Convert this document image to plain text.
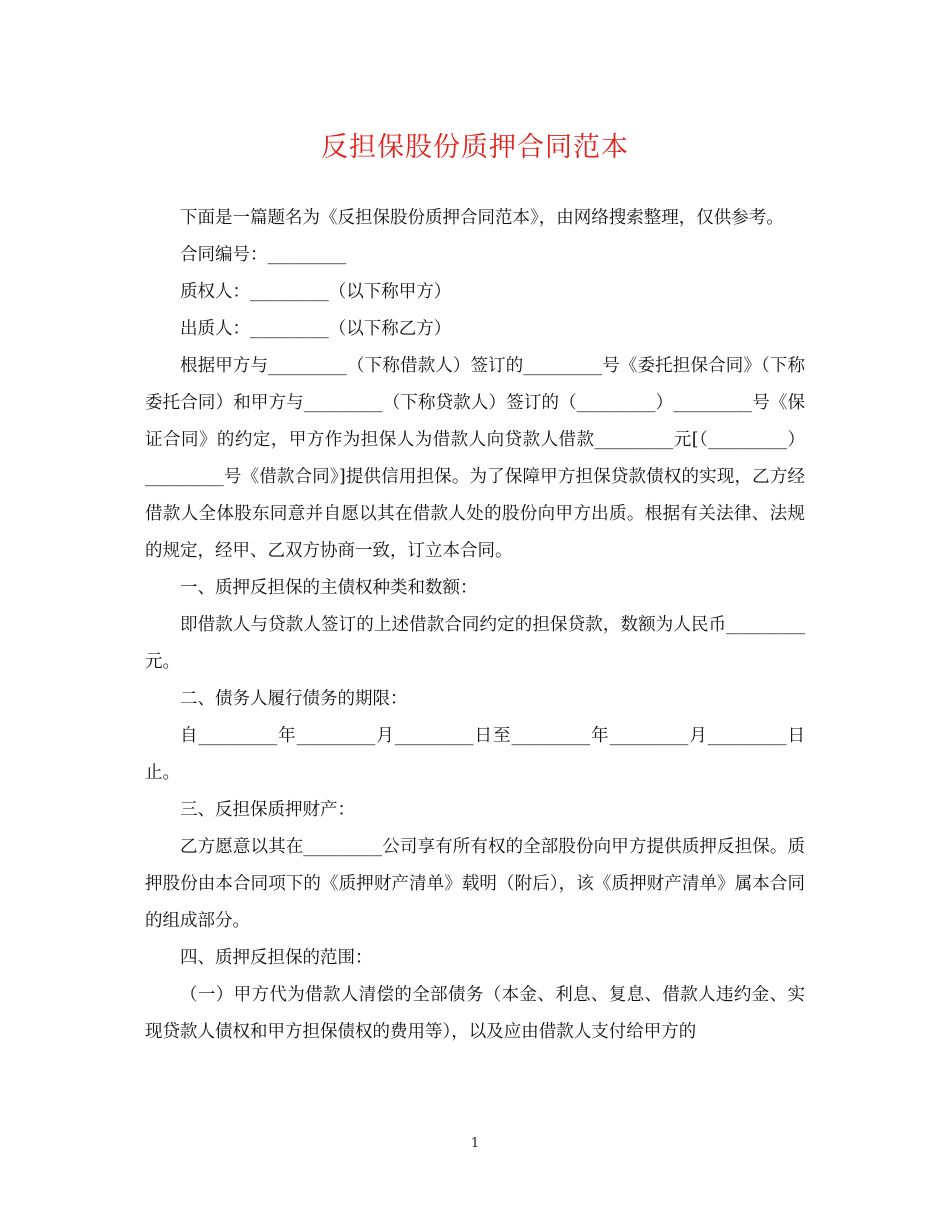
反担保股份质押合同范本

下面是一篇题名为《反担保股份质押合同范本》，由网络搜索整理，仅供参考。

合同编号：_________

质权人：_________（以下称甲方）

出质人：_________（以下称乙方）

根据甲方与_________（下称借款人）签订的_________号《委托担保合同》（下称委托合同）和甲方与_________（下称贷款人）签订的（_________）_________号《保证合同》的约定，甲方作为担保人为借款人向贷款人借款_________元[（_________）_________号《借款合同》]提供信用担保。为了保障甲方担保贷款债权的实现，乙方经借款人全体股东同意并自愿以其在借款人处的股份向甲方出质。根据有关法律、法规的规定，经甲、乙双方协商一致，订立本合同。

一、质押反担保的主债权种类和数额：

即借款人与贷款人签订的上述借款合同约定的担保贷款，数额为人民币_________元。

二、债务人履行债务的期限：

自_________年_________月_________日至_________年_________月_________日止。

三、反担保质押财产：

乙方愿意以其在_________公司享有所有权的全部股份向甲方提供质押反担保。质押股份由本合同项下的《质押财产清单》载明（附后），该《质押财产清单》属本合同的组成部分。

四、质押反担保的范围：

（一）甲方代为借款人清偿的全部债务（本金、利息、复息、借款人违约金、实现贷款人债权和甲方担保债权的费用等），以及应由借款人支付给甲方的

1
